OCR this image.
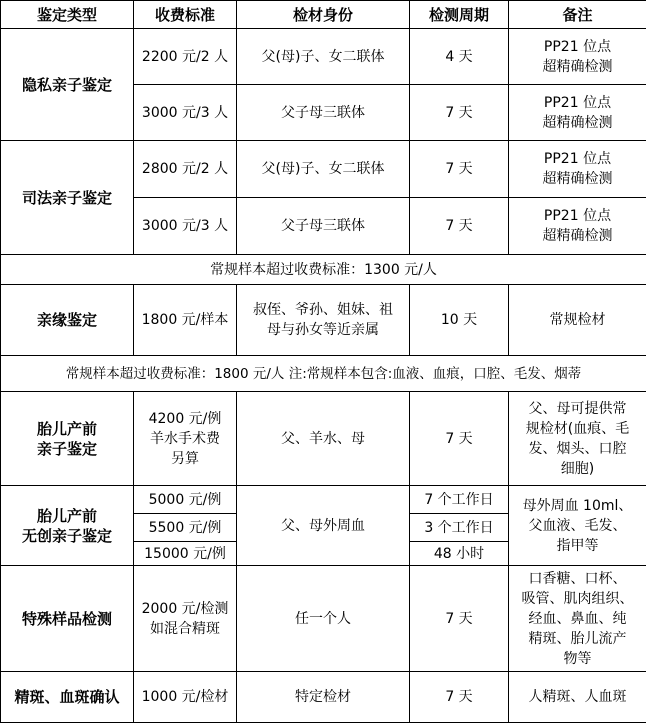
鉴定类型	收费标准	检材身份	检测周期	备注
隐私亲子鉴定	2200 元/2 人	父(母)子、女二联体	4 天	PP21 位点
超精确检测
	3000 元/3 人	父子母三联体	7 天	PP21 位点
超精确检测
司法亲子鉴定	2800 元/2 人	父(母)子、女二联体	7 天	PP21 位点
超精确检测
	3000 元/3 人	父子母三联体	7 天	PP21 位点
超精确检测
常规样本超过收费标准：1300 元/人				
亲缘鉴定	1800 元/样本	叔侄、爷孙、姐妹、祖
母与孙女等近亲属	10 天	常规检材
常规样本超过收费标准：1800 元/人 注:常规样本包含:血液、血痕，口腔、毛发、烟蒂				
胎儿产前
亲子鉴定	4200 元/例
羊水手术费
另算	父、羊水、母	7 天	父、母可提供常
规检材(血痕、毛
发、烟头、口腔
细胞)
胎儿产前
无创亲子鉴定	5000 元/例	父、母外周血	7 个工作日	母外周血 10ml、
父血液、毛发、
指甲等
	5500 元/例		3 个工作日	
	15000 元/例		48 小时	
特殊样品检测	2000 元/检测
如混合精斑	任一个人	7 天	口香糖、口杯、
吸管、肌肉组织、
经血、鼻血、纯
精斑、胎儿流产
物等
精斑、血斑确认	1000 元/检材	特定检材	7 天	人精斑、人血斑
